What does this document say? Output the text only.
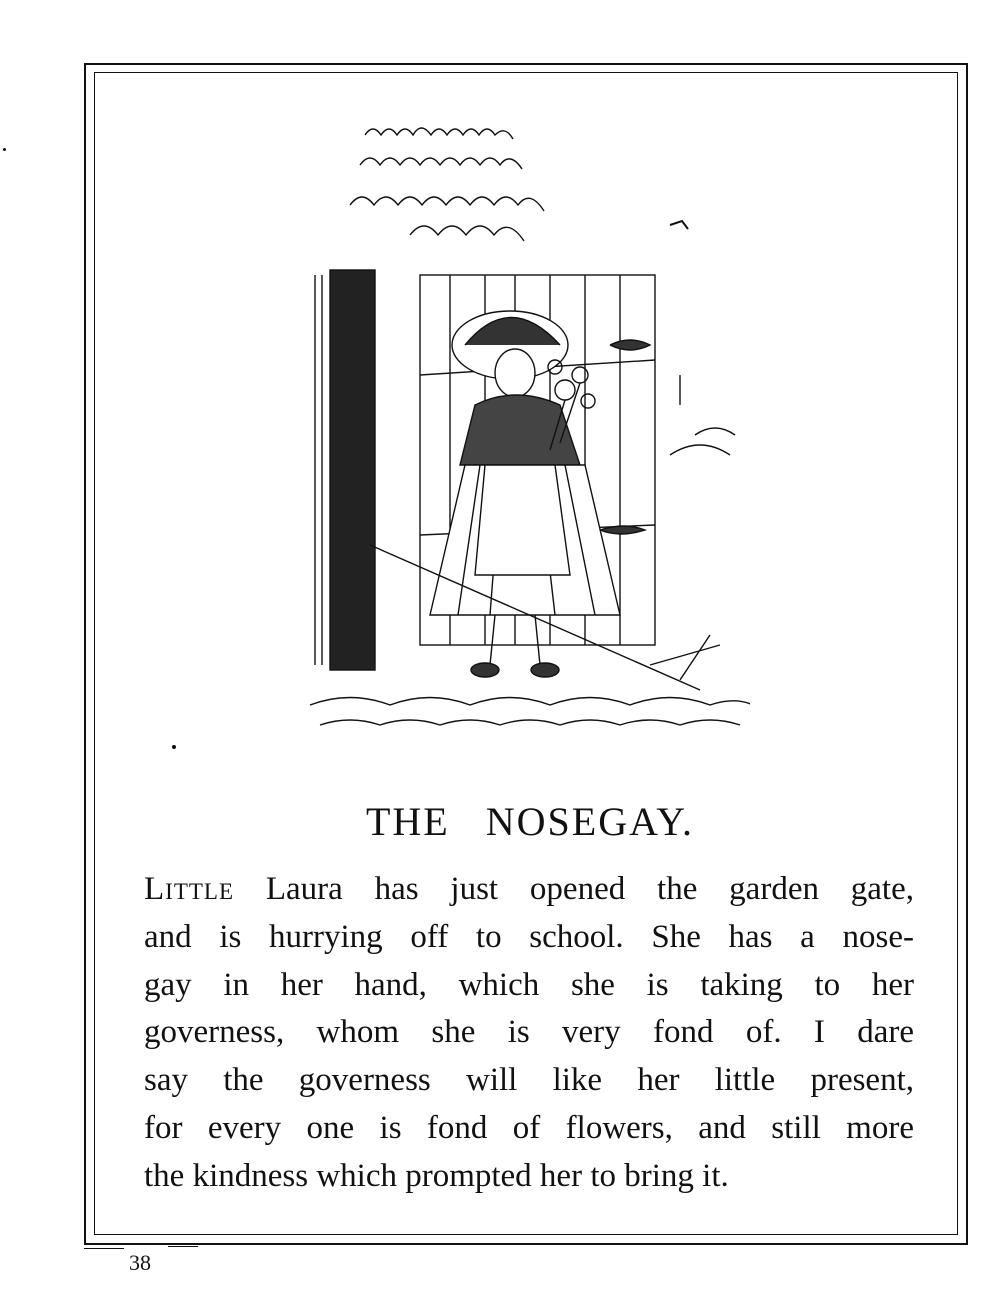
THE NOSEGAY.
Little Laura has just opened the garden gate,
and is hurrying off to school. She has a nose-
gay in her hand, which she is taking to her
governess, whom she is very fond of. I dare
say the governess will like her little present,
for every one is fond of flowers, and still more
the kindness which prompted her to bring it.
38
